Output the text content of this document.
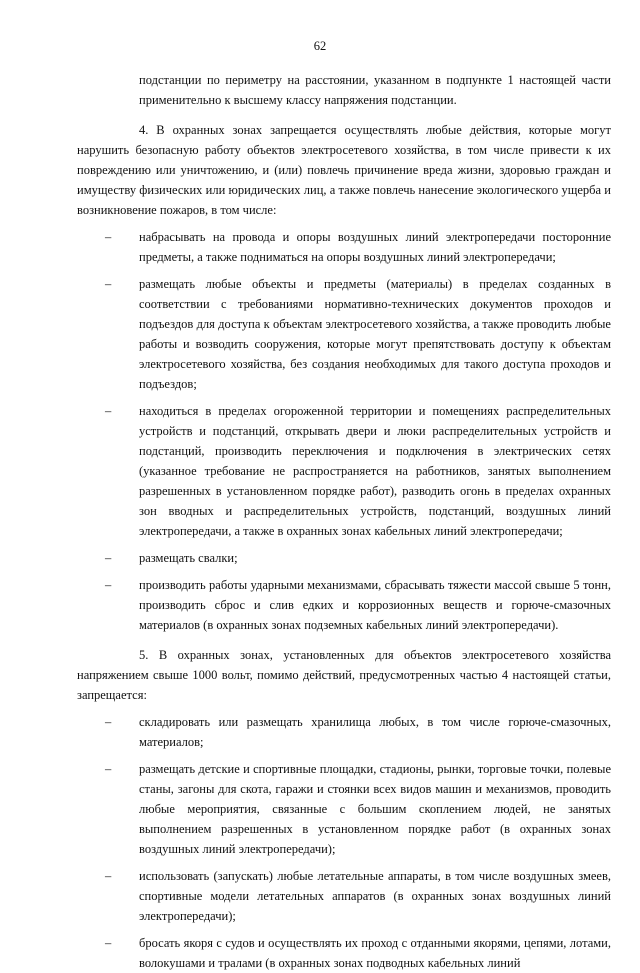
62
подстанции по периметру на расстоянии, указанном в подпункте 1 настоящей части применительно к высшему классу напряжения подстанции.
4. В охранных зонах запрещается осуществлять любые действия, которые могут нарушить безопасную работу объектов электросетевого хозяйства, в том числе привести к их повреждению или уничтожению, и (или) повлечь причинение вреда жизни, здоровью граждан и имуществу физических или юридических лиц, а также повлечь нанесение экологического ущерба и возникновение пожаров, в том числе:
–	набрасывать на провода и опоры воздушных линий электропередачи посторонние предметы, а также подниматься на опоры воздушных линий электропередачи;
–	размещать любые объекты и предметы (материалы) в пределах созданных в соответствии с требованиями нормативно-технических документов проходов и подъездов для доступа к объектам электросетевого хозяйства, а также проводить любые работы и возводить сооружения, которые могут препятствовать доступу к объектам электросетевого хозяйства, без создания необходимых для такого доступа проходов и подъездов;
–	находиться в пределах огороженной территории и помещениях распределительных устройств и подстанций, открывать двери и люки распределительных устройств и подстанций, производить переключения и подключения в электрических сетях (указанное требование не распространяется на работников, занятых выполнением разрешенных в установленном порядке работ), разводить огонь в пределах охранных зон вводных и распределительных устройств, подстанций, воздушных линий электропередачи, а также в охранных зонах кабельных линий электропередачи;
–	размещать свалки;
–	производить работы ударными механизмами, сбрасывать тяжести массой свыше 5 тонн, производить сброс и слив едких и коррозионных веществ и горюче-смазочных материалов (в охранных зонах подземных кабельных линий электропередачи).
5. В охранных зонах, установленных для объектов электросетевого хозяйства напряжением свыше 1000 вольт, помимо действий, предусмотренных частью 4 настоящей статьи, запрещается:
–	складировать или размещать хранилища любых, в том числе горюче-смазочных, материалов;
–	размещать детские и спортивные площадки, стадионы, рынки, торговые точки, полевые станы, загоны для скота, гаражи и стоянки всех видов машин и механизмов, проводить любые мероприятия, связанные с большим скоплением людей, не занятых выполнением разрешенных в установленном порядке работ (в охранных зонах воздушных линий электропередачи);
–	использовать (запускать) любые летательные аппараты, в том числе воздушных змеев, спортивные модели летательных аппаратов (в охранных зонах воздушных линий электропередачи);
–	бросать якоря с судов и осуществлять их проход с отданными якорями, цепями, лотами, волокушами и тралами (в охранных зонах подводных кабельных линий
